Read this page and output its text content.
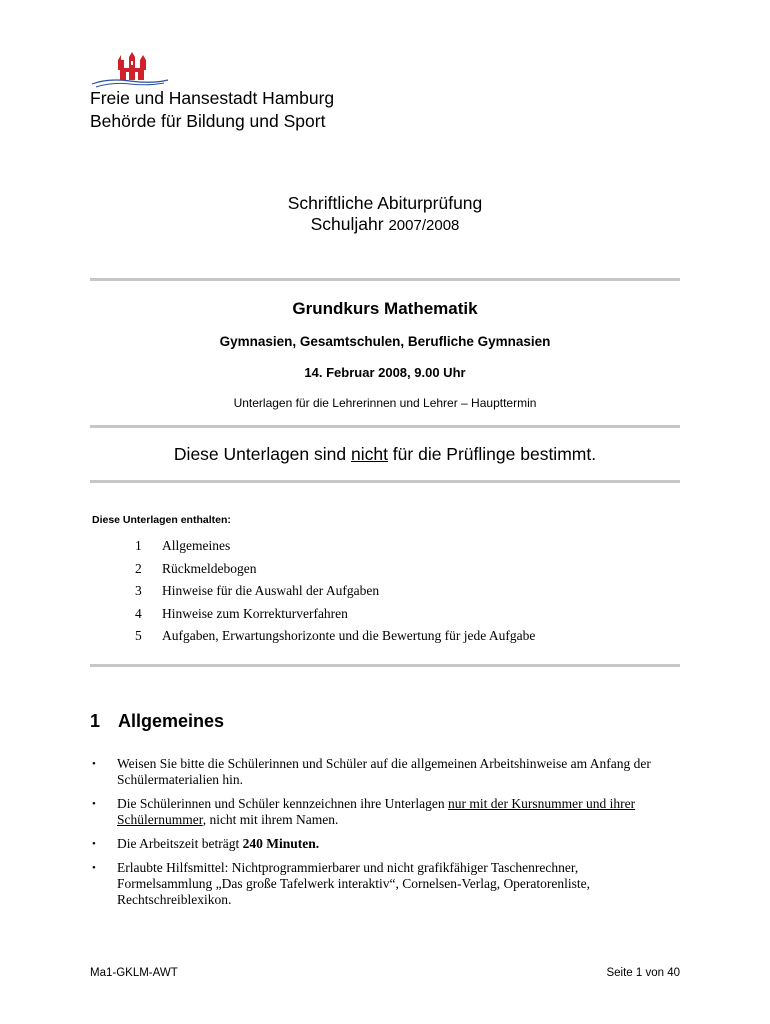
Freie und Hansestadt Hamburg
Behörde für Bildung und Sport
Schriftliche Abiturprüfung
Schuljahr 2007/2008
Grundkurs Mathematik
Gymnasien, Gesamtschulen, Berufliche Gymnasien
14. Februar 2008, 9.00 Uhr
Unterlagen für die Lehrerinnen und Lehrer – Haupttermin
Diese Unterlagen sind nicht für die Prüflinge bestimmt.
Diese Unterlagen enthalten:
1	Allgemeines
2	Rückmeldebogen
3	Hinweise für die Auswahl der Aufgaben
4	Hinweise zum Korrekturverfahren
5	Aufgaben, Erwartungshorizonte und die Bewertung für jede Aufgabe
1 Allgemeines
•	Weisen Sie bitte die Schülerinnen und Schüler auf die allgemeinen Arbeitshinweise am Anfang der Schülermaterialien hin.
•	Die Schülerinnen und Schüler kennzeichnen ihre Unterlagen nur mit der Kursnummer und ihrer Schülernummer, nicht mit ihrem Namen.
•	Die Arbeitszeit beträgt 240 Minuten.
•	Erlaubte Hilfsmittel: Nichtprogrammierbarer und nicht grafikfähiger Taschenrechner, Formelsammlung „Das große Tafelwerk interaktiv“, Cornelsen-Verlag, Operatorenliste, Rechtschreiblexikon.
Ma1-GKLM-AWT	Seite 1 von 40
